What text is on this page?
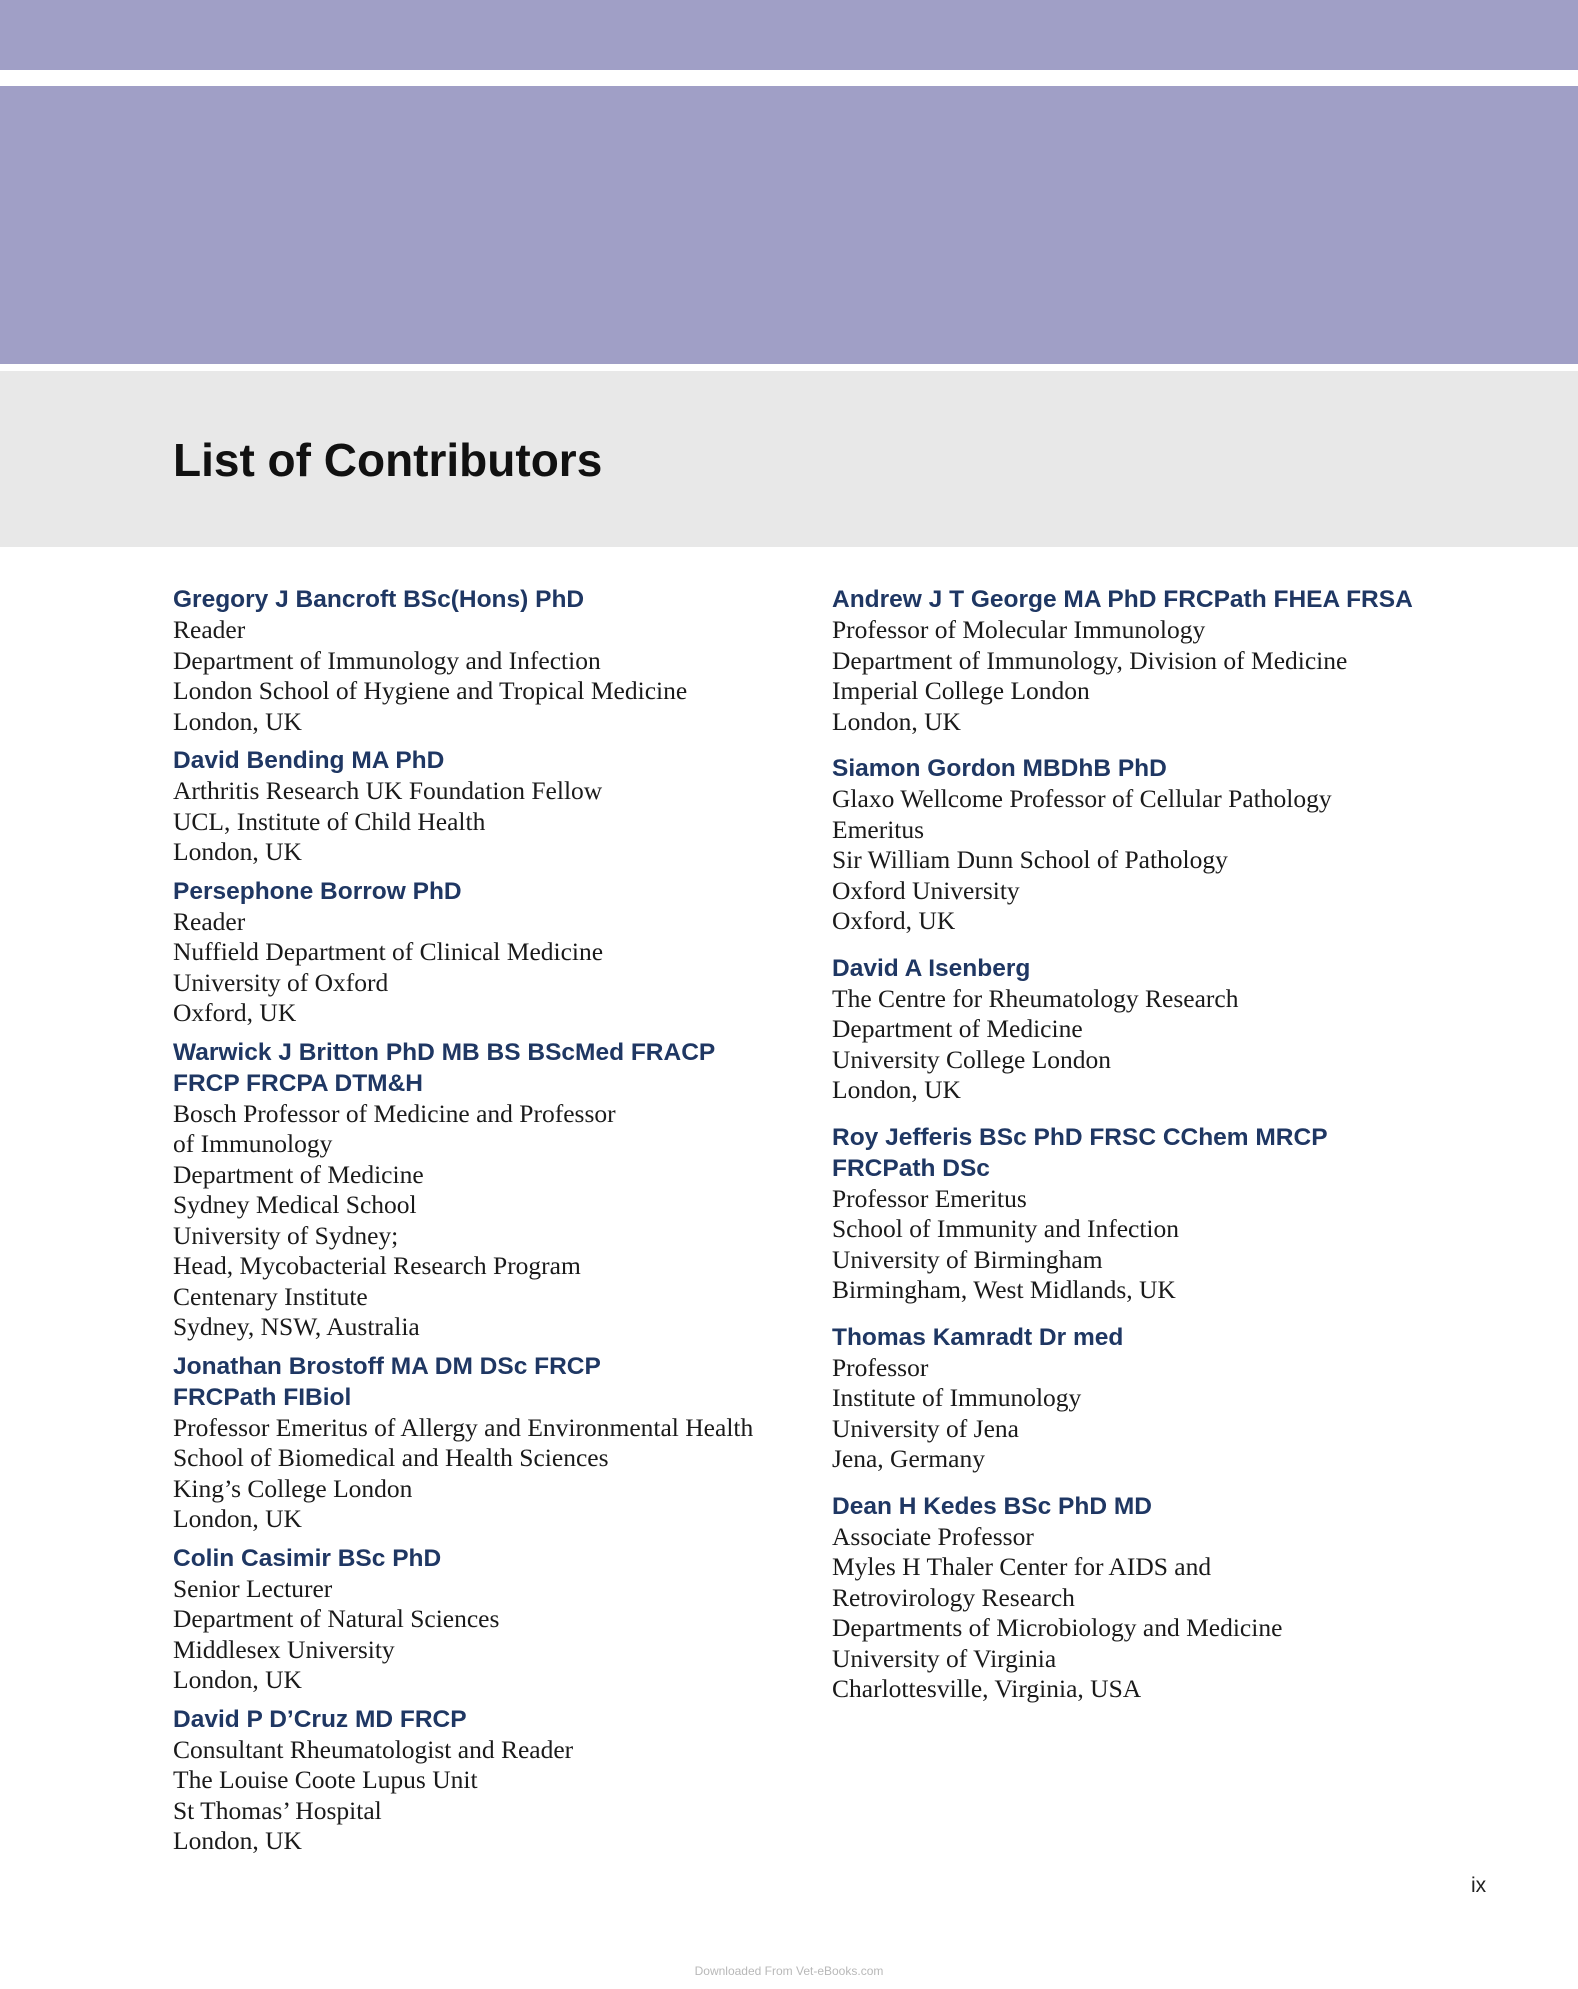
List of Contributors
Gregory J Bancroft BSc(Hons) PhD
Reader
Department of Immunology and Infection
London School of Hygiene and Tropical Medicine
London, UK
David Bending MA PhD
Arthritis Research UK Foundation Fellow
UCL, Institute of Child Health
London, UK
Persephone Borrow PhD
Reader
Nuffield Department of Clinical Medicine
University of Oxford
Oxford, UK
Warwick J Britton PhD MB BS BScMed FRACP
FRCP FRCPA DTM&H
Bosch Professor of Medicine and Professor
of Immunology
Department of Medicine
Sydney Medical School
University of Sydney;
Head, Mycobacterial Research Program
Centenary Institute
Sydney, NSW, Australia
Jonathan Brostoff MA DM DSc FRCP
FRCPath FIBiol
Professor Emeritus of Allergy and Environmental Health
School of Biomedical and Health Sciences
King’s College London
London, UK
Colin Casimir BSc PhD
Senior Lecturer
Department of Natural Sciences
Middlesex University
London, UK
David P D’Cruz MD FRCP
Consultant Rheumatologist and Reader
The Louise Coote Lupus Unit
St Thomas’ Hospital
London, UK
Andrew J T George MA PhD FRCPath FHEA FRSA
Professor of Molecular Immunology
Department of Immunology, Division of Medicine
Imperial College London
London, UK
Siamon Gordon MBDhB PhD
Glaxo Wellcome Professor of Cellular Pathology
Emeritus
Sir William Dunn School of Pathology
Oxford University
Oxford, UK
David A Isenberg
The Centre for Rheumatology Research
Department of Medicine
University College London
London, UK
Roy Jefferis BSc PhD FRSC CChem MRCP
FRCPath DSc
Professor Emeritus
School of Immunity and Infection
University of Birmingham
Birmingham, West Midlands, UK
Thomas Kamradt Dr med
Professor
Institute of Immunology
University of Jena
Jena, Germany
Dean H Kedes BSc PhD MD
Associate Professor
Myles H Thaler Center for AIDS and
Retrovirology Research
Departments of Microbiology and Medicine
University of Virginia
Charlottesville, Virginia, USA
ix
Downloaded From Vet-eBooks.com
